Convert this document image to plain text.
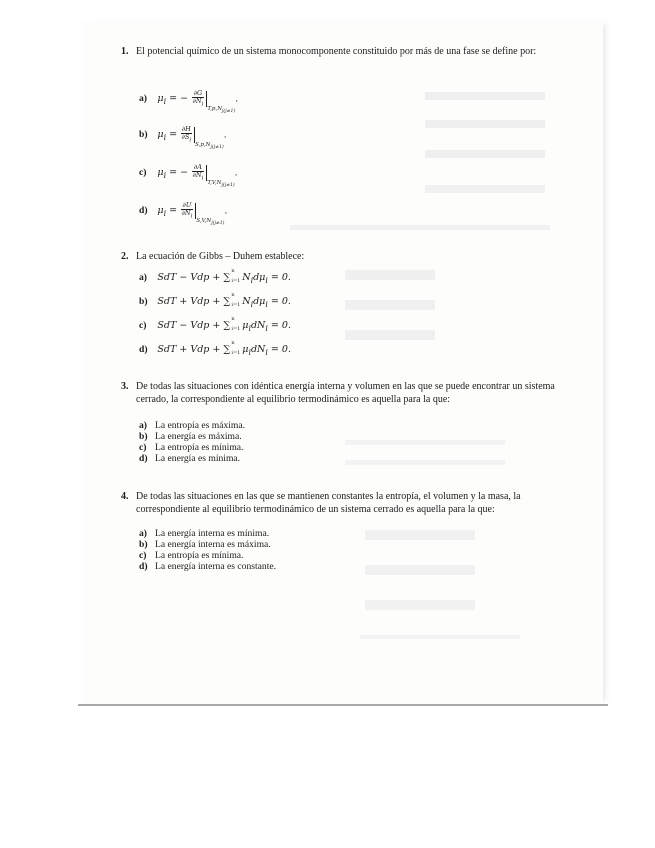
1. El potencial químico de un sistema monocomponente constituido por más de una fase se define por:
a) $\mu_i$ = − $\frac{\partial G}{\partial N_i}$
$_{T,p,N_{j(j\ne 1)}}$.
b) $\mu_i = \frac{\partial H}{\partial S_i}$
$_{S,p,N_{j(j\ne 1)}}$.
c) $\mu_i$ = − $\frac{\partial A}{\partial N_i}$
$_{T,V,N_{j(j\ne 1)}}$.
d) $\mu_i = \frac{\partial U}{\partial N_i}$
$_{S,V,N_{j(j\ne 1)}}$.
2. La ecuación de Gibbs – Duhem establece:
a) SdT − Vdp + ∑
n
i=1 $N_id\mu_i = 0$.
b) SdT + Vdp + ∑
n
i=1 $N_id\mu_i = 0$.
c) SdT − Vdp + ∑
n
i=1 $\mu_idN_i = 0$.
d) SdT + Vdp + ∑
n
i=1 $\mu_idN_i = 0$.
3. De todas las situaciones con idéntica energía interna y volumen en las que se puede encontrar un sistema cerrado, la correspondiente al equilibrio termodinámico es aquella para la que:
a) La entropía es máxima.
b) La energía es máxima.
c) La entropía es mínima.
d) La energía es mínima.
4. De todas las situaciones en las que se mantienen constantes la entropía, el volumen y la masa, la correspondiente al equilibrio termodinámico de un sistema cerrado es aquella para la que:
a) La energía interna es mínima.
b) La energía interna es máxima.
c) La entropía es mínima.
d) La energía interna es constante.
